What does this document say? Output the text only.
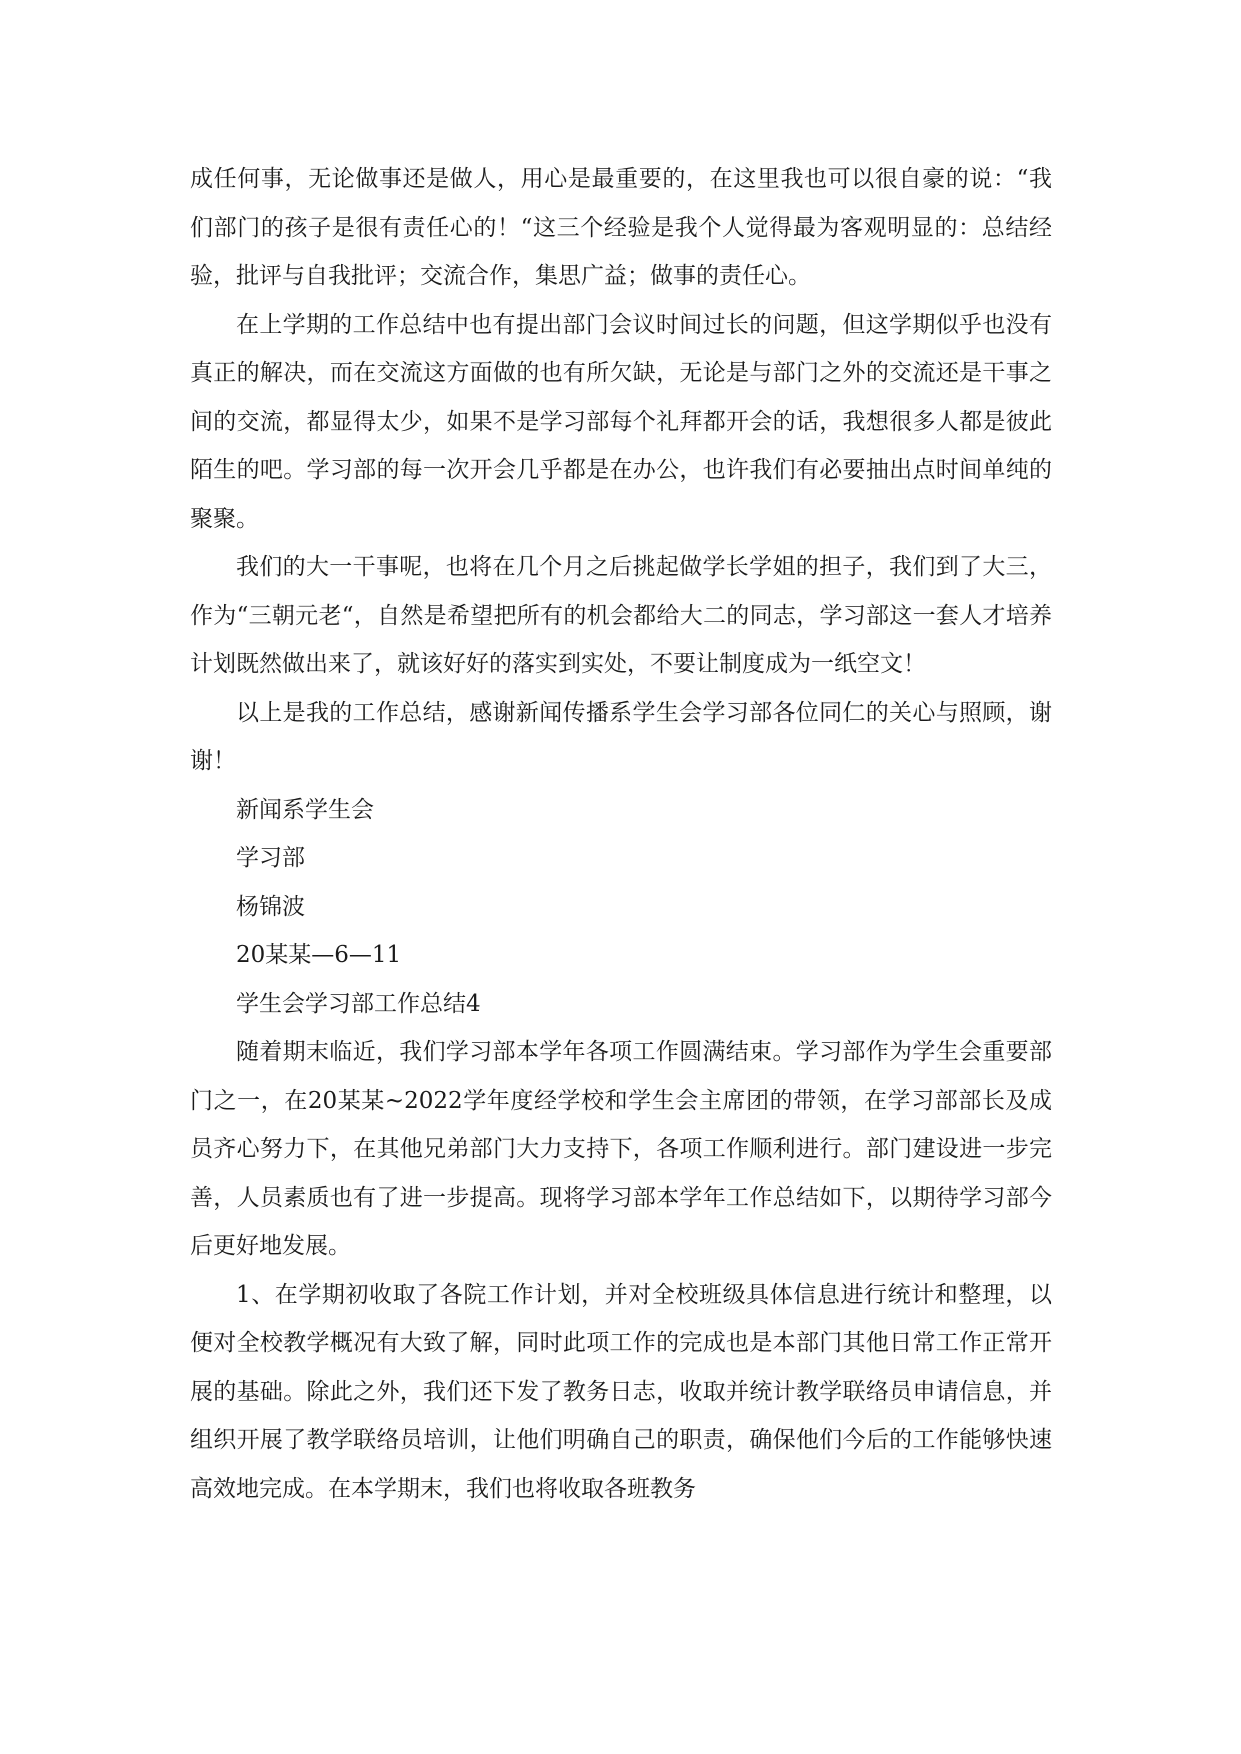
成任何事，无论做事还是做人，用心是最重要的，在这里我也可以很自豪的说：“我们部门的孩子是很有责任心的！“这三个经验是我个人觉得最为客观明显的：总结经验，批评与自我批评；交流合作，集思广益；做事的责任心。

在上学期的工作总结中也有提出部门会议时间过长的问题，但这学期似乎也没有真正的解决，而在交流这方面做的也有所欠缺，无论是与部门之外的交流还是干事之间的交流，都显得太少，如果不是学习部每个礼拜都开会的话，我想很多人都是彼此陌生的吧。学习部的每一次开会几乎都是在办公，也许我们有必要抽出点时间单纯的聚聚。

我们的大一干事呢，也将在几个月之后挑起做学长学姐的担子，我们到了大三，作为“三朝元老“，自然是希望把所有的机会都给大二的同志，学习部这一套人才培养计划既然做出来了，就该好好的落实到实处，不要让制度成为一纸空文！

以上是我的工作总结，感谢新闻传播系学生会学习部各位同仁的关心与照顾，谢谢！

新闻系学生会

学习部

杨锦波

20某某—6—11

学生会学习部工作总结4

随着期末临近，我们学习部本学年各项工作圆满结束。学习部作为学生会重要部门之一，在20某某~2022学年度经学校和学生会主席团的带领，在学习部部长及成员齐心努力下，在其他兄弟部门大力支持下，各项工作顺利进行。部门建设进一步完善，人员素质也有了进一步提高。现将学习部本学年工作总结如下，以期待学习部今后更好地发展。

1、在学期初收取了各院工作计划，并对全校班级具体信息进行统计和整理，以便对全校教学概况有大致了解，同时此项工作的完成也是本部门其他日常工作正常开展的基础。除此之外，我们还下发了教务日志，收取并统计教学联络员申请信息，并组织开展了教学联络员培训，让他们明确自己的职责，确保他们今后的工作能够快速高效地完成。在本学期末，我们也将收取各班教务
